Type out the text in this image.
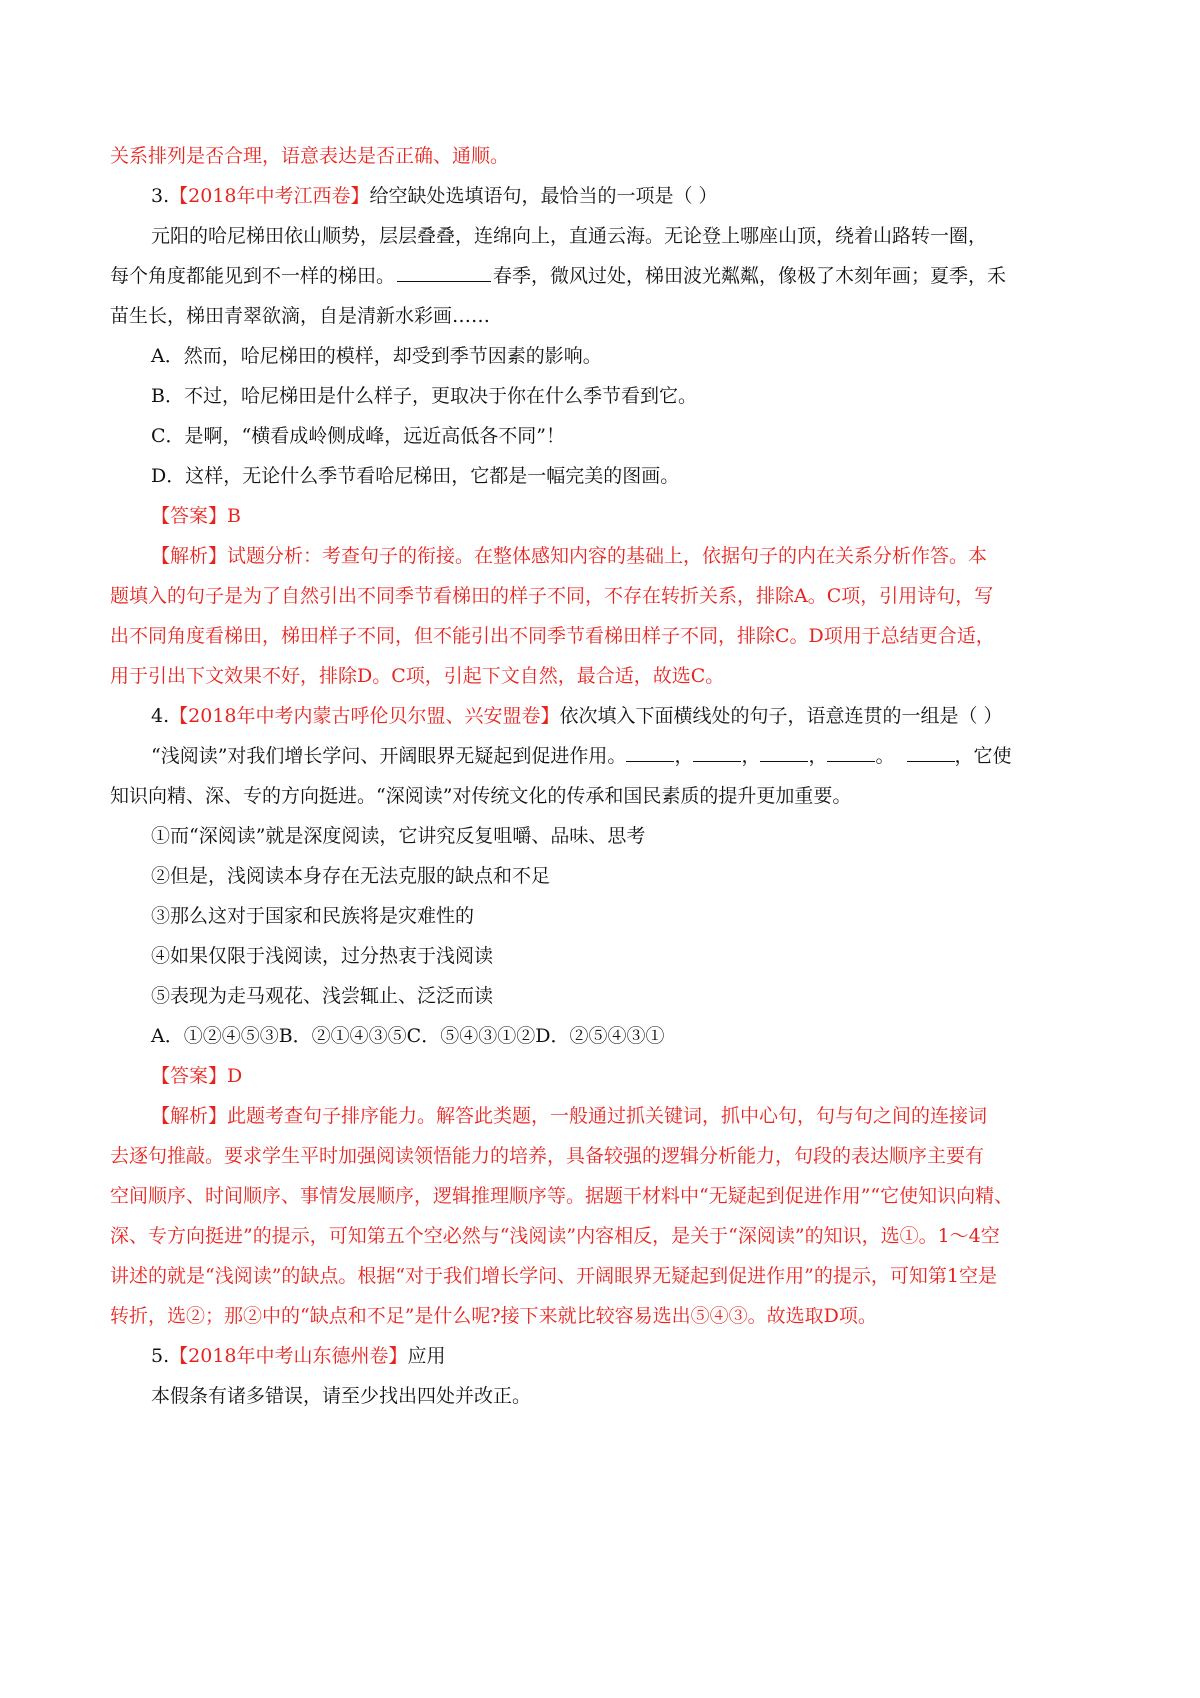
关系排列是否合理，语意表达是否正确、通顺。
3.【2018年中考江西卷】给空缺处选填语句，最恰当的一项是（ ）
元阳的哈尼梯田依山顺势，层层叠叠，连绵向上，直通云海。无论登上哪座山顶，绕着山路转一圈，
每个角度都能见到不一样的梯田。	春季，微风过处，梯田波光粼粼，像极了木刻年画；夏季，禾
苗生长，梯田青翠欲滴，自是清新水彩画……
A．然而，哈尼梯田的模样，却受到季节因素的影响。
B．不过，哈尼梯田是什么样子，更取决于你在什么季节看到它。
C．是啊，“横看成岭侧成峰，远近高低各不同”！
D．这样，无论什么季节看哈尼梯田，它都是一幅完美的图画。
【答案】B
【解析】试题分析：考查句子的衔接。在整体感知内容的基础上，依据句子的内在关系分析作答。本
题填入的句子是为了自然引出不同季节看梯田的样子不同，不存在转折关系，排除A。C项，引用诗句，写
出不同角度看梯田，梯田样子不同，但不能引出不同季节看梯田样子不同，排除C。D项用于总结更合适，
用于引出下文效果不好，排除D。C项，引起下文自然，最合适，故选C。
4.【2018年中考内蒙古呼伦贝尔盟、兴安盟卷】依次填入下面横线处的句子，语意连贯的一组是（ ）
“浅阅读”对我们增长学问、开阔眼界无疑起到促进作用。	，	，	，	。	，它使
知识向精、深、专的方向挺进。“深阅读”对传统文化的传承和国民素质的提升更加重要。
①而“深阅读”就是深度阅读，它讲究反复咀嚼、品味、思考
②但是，浅阅读本身存在无法克服的缺点和不足
③那么这对于国家和民族将是灾难性的
④如果仅限于浅阅读，过分热衷于浅阅读
⑤表现为走马观花、浅尝辄止、泛泛而读
A．①②④⑤③B．②①④③⑤C．⑤④③①②D．②⑤④③①
【答案】D
【解析】此题考查句子排序能力。解答此类题，一般通过抓关键词，抓中心句，句与句之间的连接词
去逐句推敲。要求学生平时加强阅读领悟能力的培养，具备较强的逻辑分析能力，句段的表达顺序主要有
空间顺序、时间顺序、事情发展顺序，逻辑推理顺序等。据题干材料中“无疑起到促进作用”“它使知识向精、
深、专方向挺进”的提示，可知第五个空必然与“浅阅读”内容相反，是关于“深阅读”的知识，选①。1～4空
讲述的就是“浅阅读”的缺点。根据“对于我们增长学问、开阔眼界无疑起到促进作用”的提示，可知第1空是
转折，选②；那②中的“缺点和不足”是什么呢?接下来就比较容易选出⑤④③。故选取D项。
5.【2018年中考山东德州卷】应用
本假条有诸多错误，请至少找出四处并改正。
